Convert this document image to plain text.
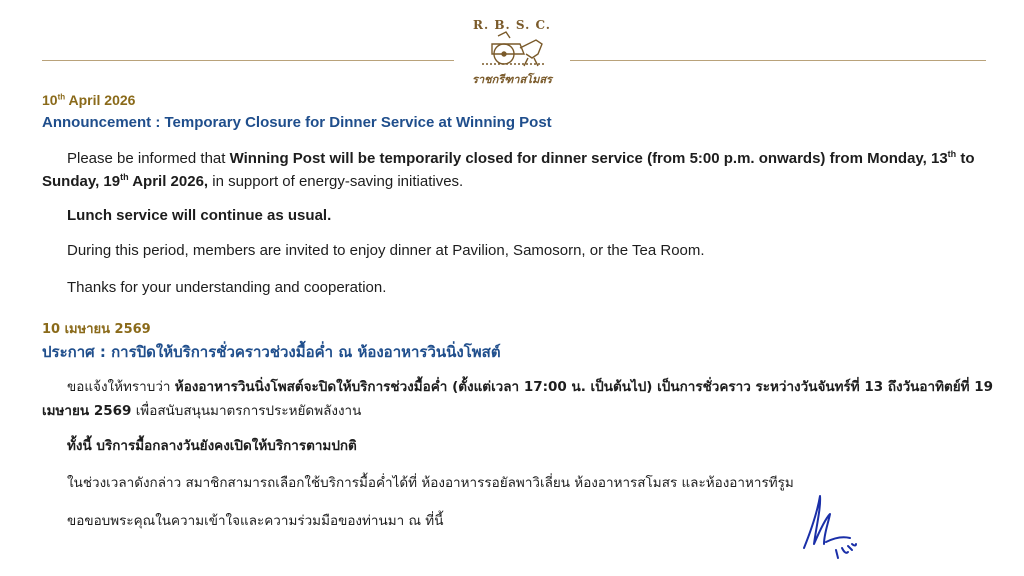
R. B. S. C.
ราชกรีฑาสโมสร
10th April 2026
Announcement : Temporary Closure for Dinner Service at Winning Post
Please be informed that Winning Post will be temporarily closed for dinner service (from 5:00 p.m. onwards) from Monday, 13th to Sunday, 19th April 2026, in support of energy-saving initiatives.
Lunch service will continue as usual.
During this period, members are invited to enjoy dinner at Pavilion, Samosorn, or the Tea Room.
Thanks for your understanding and cooperation.
10 เมษายน 2569
ประกาศ : การปิดให้บริการชั่วคราวช่วงมื้อค่ำ ณ ห้องอาหารวินนิ่งโพสต์
ขอแจ้งให้ทราบว่า ห้องอาหารวินนิ่งโพสต์จะปิดให้บริการช่วงมื้อค่ำ (ตั้งแต่เวลา 17:00 น. เป็นต้นไป) เป็นการชั่วคราว ระหว่างวันจันทร์ที่ 13 ถึงวันอาทิตย์ที่ 19 เมษายน 2569 เพื่อสนับสนุนมาตรการประหยัดพลังงาน
ทั้งนี้ บริการมื้อกลางวันยังคงเปิดให้บริการตามปกติ
ในช่วงเวลาดังกล่าว สมาชิกสามารถเลือกใช้บริการมื้อค่ำได้ที่ ห้องอาหารรอยัลพาวิเลี่ยน ห้องอาหารสโมสร และห้องอาหารทีรูม
ขอขอบพระคุณในความเข้าใจและความร่วมมือของท่านมา ณ ที่นี้
